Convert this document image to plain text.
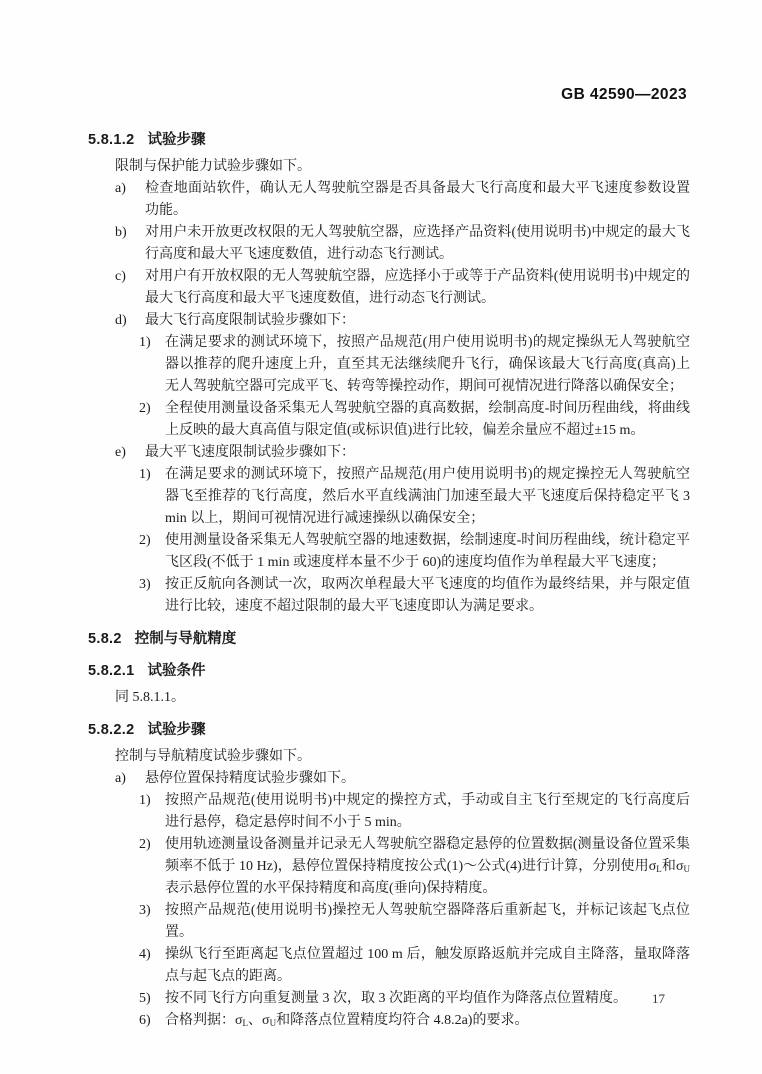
GB 42590—2023
5.8.1.2 试验步骤
限制与保护能力试验步骤如下。
a)	检查地面站软件，确认无人驾驶航空器是否具备最大飞行高度和最大平飞速度参数设置功能。
b)	对用户未开放更改权限的无人驾驶航空器，应选择产品资料(使用说明书)中规定的最大飞行高度和最大平飞速度数值，进行动态飞行测试。
c)	对用户有开放权限的无人驾驶航空器，应选择小于或等于产品资料(使用说明书)中规定的最大飞行高度和最大平飞速度数值，进行动态飞行测试。
d)	最大飞行高度限制试验步骤如下：
1)	在满足要求的测试环境下，按照产品规范(用户使用说明书)的规定操纵无人驾驶航空器以推荐的爬升速度上升，直至其无法继续爬升飞行，确保该最大飞行高度(真高)上无人驾驶航空器可完成平飞、转弯等操控动作，期间可视情况进行降落以确保安全；
2)	全程使用测量设备采集无人驾驶航空器的真高数据，绘制高度-时间历程曲线，将曲线上反映的最大真高值与限定值(或标识值)进行比较，偏差余量应不超过±15 m。
e)	最大平飞速度限制试验步骤如下：
1)	在满足要求的测试环境下，按照产品规范(用户使用说明书)的规定操控无人驾驶航空器飞至推荐的飞行高度，然后水平直线满油门加速至最大平飞速度后保持稳定平飞 3 min 以上，期间可视情况进行减速操纵以确保安全；
2)	使用测量设备采集无人驾驶航空器的地速数据，绘制速度-时间历程曲线，统计稳定平飞区段(不低于 1 min 或速度样本量不少于 60)的速度均值作为单程最大平飞速度；
3)	按正反航向各测试一次，取两次单程最大平飞速度的均值作为最终结果，并与限定值进行比较，速度不超过限制的最大平飞速度即认为满足要求。
5.8.2 控制与导航精度
5.8.2.1 试验条件
同 5.8.1.1。
5.8.2.2 试验步骤
控制与导航精度试验步骤如下。
a)	悬停位置保持精度试验步骤如下。
1)	按照产品规范(使用说明书)中规定的操控方式，手动或自主飞行至规定的飞行高度后进行悬停，稳定悬停时间不小于 5 min。
2)	使用轨迹测量设备测量并记录无人驾驶航空器稳定悬停的位置数据(测量设备位置采集频率不低于 10 Hz)，悬停位置保持精度按公式(1)～公式(4)进行计算，分别使用$\sigma_L$和$\sigma_U$表示悬停位置的水平保持精度和高度(垂向)保持精度。
3)	按照产品规范(使用说明书)操控无人驾驶航空器降落后重新起飞，并标记该起飞点位置。
4)	操纵飞行至距离起飞点位置超过 100 m 后，触发原路返航并完成自主降落，量取降落点与起飞点的距离。
5)	按不同飞行方向重复测量 3 次，取 3 次距离的平均值作为降落点位置精度。
6)	合格判据：$\sigma_L$、$\sigma_U$和降落点位置精度均符合 4.8.2a)的要求。
17
